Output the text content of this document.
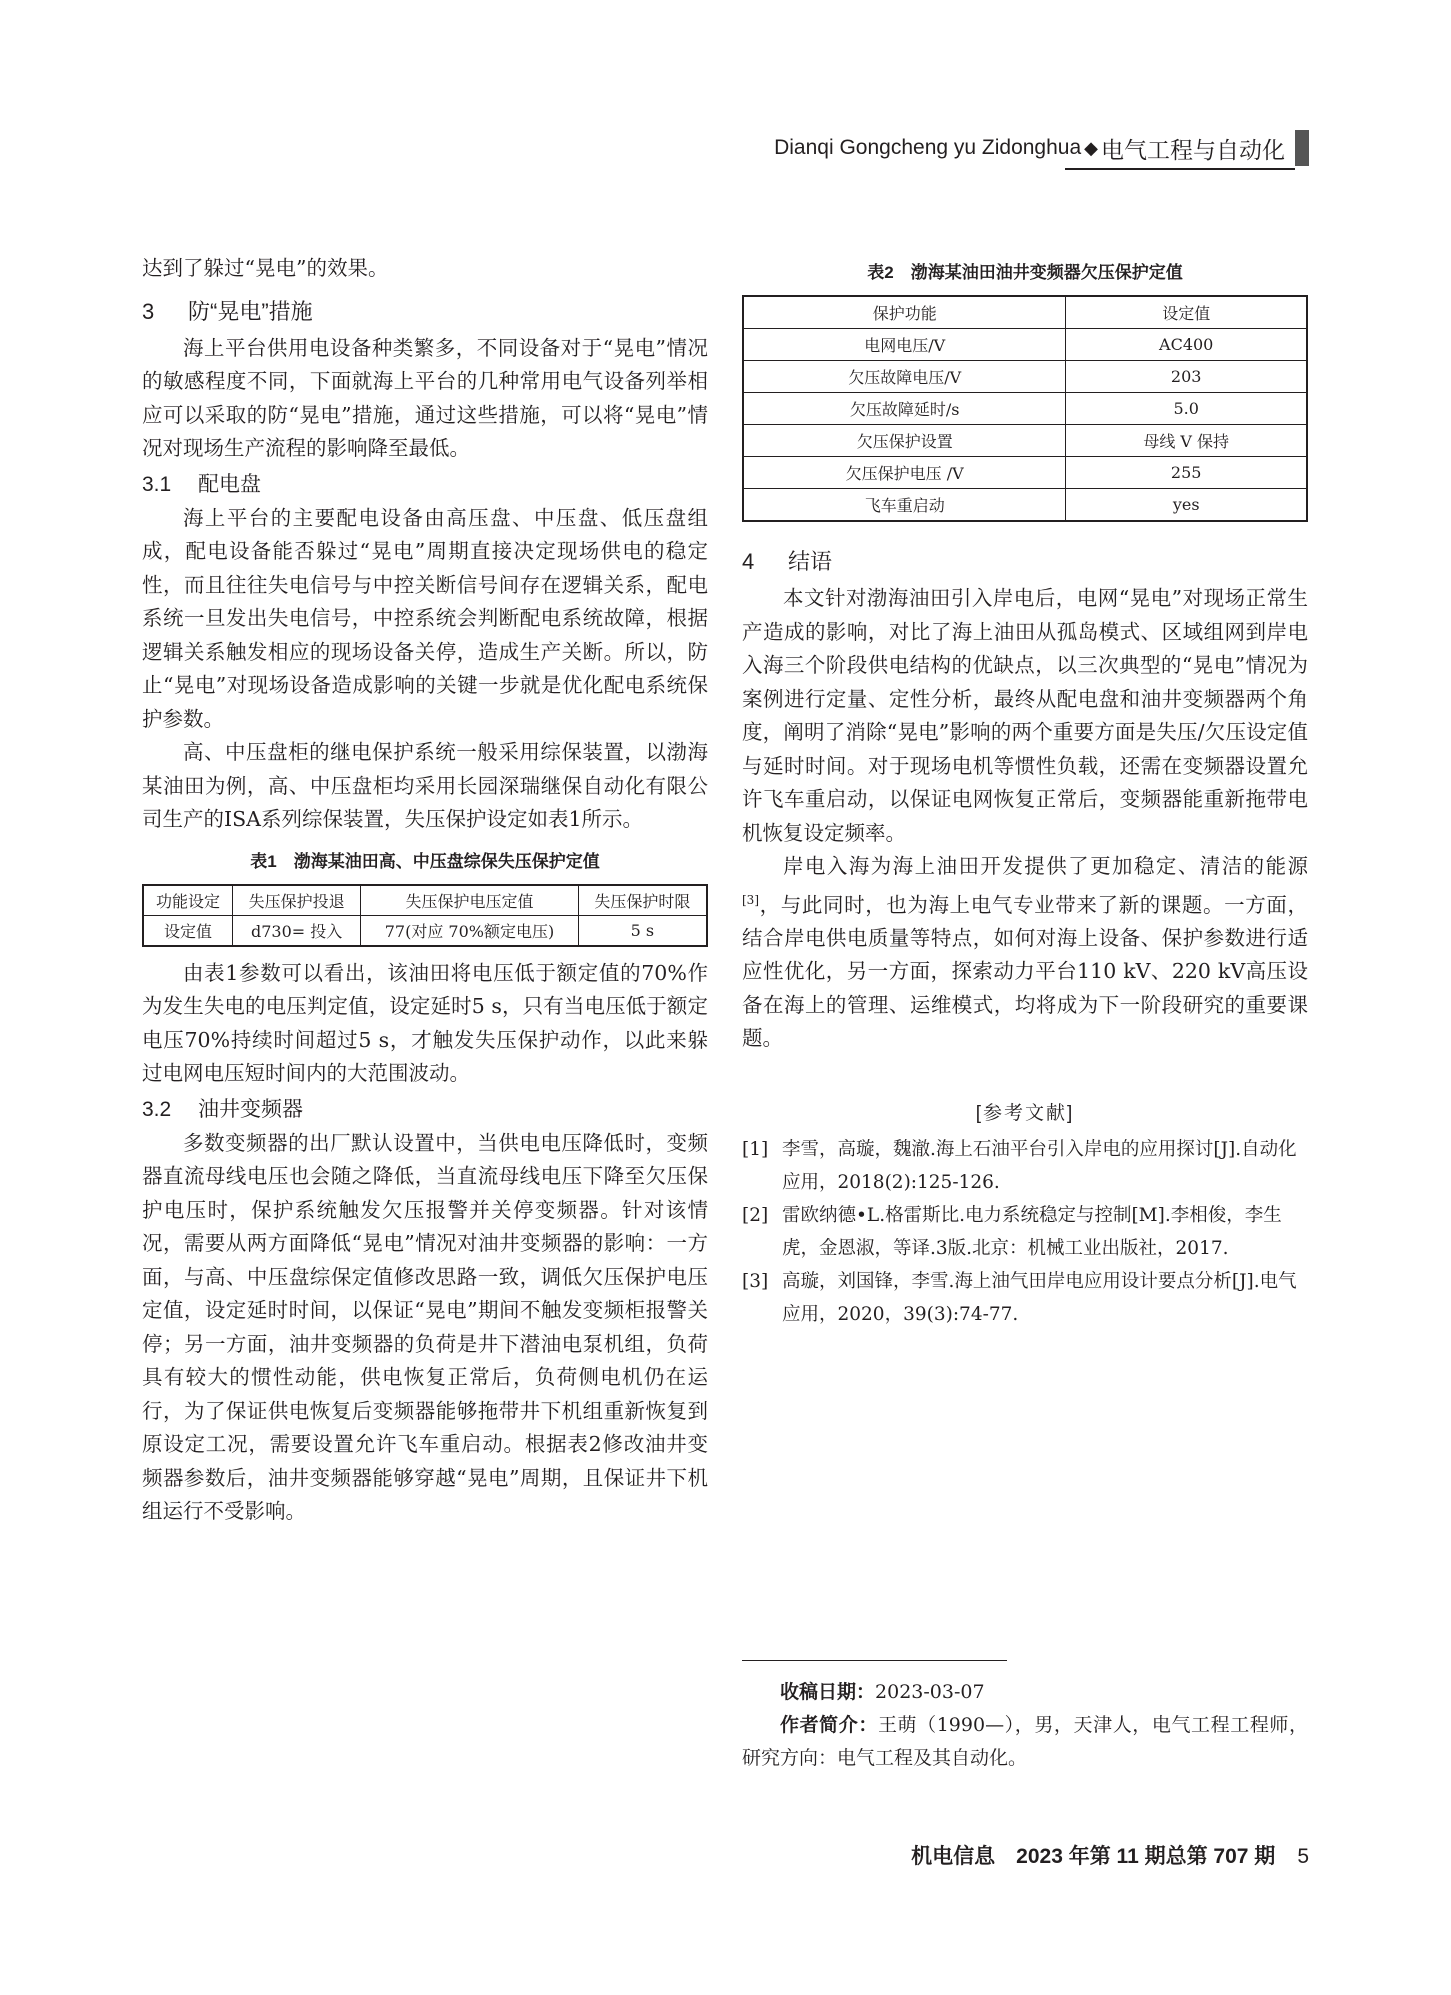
Dianqi Gongcheng yu Zidonghua ◆ 电气工程与自动化

达到了躲过“晃电”的效果。

3 防“晃电”措施

海上平台供用电设备种类繁多，不同设备对于“晃电”情况的敏感程度不同，下面就海上平台的几种常用电气设备列举相应可以采取的防“晃电”措施，通过这些措施，可以将“晃电”情况对现场生产流程的影响降至最低。

3.1 配电盘

海上平台的主要配电设备由高压盘、中压盘、低压盘组成，配电设备能否躲过“晃电”周期直接决定现场供电的稳定性，而且往往失电信号与中控关断信号间存在逻辑关系，配电系统一旦发出失电信号，中控系统会判断配电系统故障，根据逻辑关系触发相应的现场设备关停，造成生产关断。所以，防止“晃电”对现场设备造成影响的关键一步就是优化配电系统保护参数。

高、中压盘柜的继电保护系统一般采用综保装置，以渤海某油田为例，高、中压盘柜均采用长园深瑞继保自动化有限公司生产的ISA系列综保装置，失压保护设定如表1所示。

表1　渤海某油田高、中压盘综保失压保护定值
功能设定	失压保护投退	失压保护电压定值	失压保护时限
设定值	d730= 投入	77(对应 70%额定电压)	5 s

由表1参数可以看出，该油田将电压低于额定值的70%作为发生失电的电压判定值，设定延时5 s，只有当电压低于额定电压70%持续时间超过5 s，才触发失压保护动作，以此来躲过电网电压短时间内的大范围波动。

3.2 油井变频器

多数变频器的出厂默认设置中，当供电电压降低时，变频器直流母线电压也会随之降低，当直流母线电压下降至欠压保护电压时，保护系统触发欠压报警并关停变频器。针对该情况，需要从两方面降低“晃电”情况对油井变频器的影响：一方面，与高、中压盘综保定值修改思路一致，调低欠压保护电压定值，设定延时时间，以保证“晃电”期间不触发变频柜报警关停；另一方面，油井变频器的负荷是井下潜油电泵机组，负荷具有较大的惯性动能，供电恢复正常后，负荷侧电机仍在运行，为了保证供电恢复后变频器能够拖带井下机组重新恢复到原设定工况，需要设置允许飞车重启动。根据表2修改油井变频器参数后，油井变频器能够穿越“晃电”周期，且保证井下机组运行不受影响。

表2　渤海某油田油井变频器欠压保护定值
保护功能	设定值
电网电压/V	AC400
欠压故障电压/V	203
欠压故障延时/s	5.0
欠压保护设置	母线 V 保持
欠压保护电压 /V	255
飞车重启动	yes
4 结语

本文针对渤海油田引入岸电后，电网“晃电”对现场正常生产造成的影响，对比了海上油田从孤岛模式、区域组网到岸电入海三个阶段供电结构的优缺点，以三次典型的“晃电”情况为案例进行定量、定性分析，最终从配电盘和油井变频器两个角度，阐明了消除“晃电”影响的两个重要方面是失压/欠压设定值与延时时间。对于现场电机等惯性负载，还需在变频器设置允许飞车重启动，以保证电网恢复正常后，变频器能重新拖带电机恢复设定频率。

岸电入海为海上油田开发提供了更加稳定、清洁的能源[3]，与此同时，也为海上电气专业带来了新的课题。一方面，结合岸电供电质量等特点，如何对海上设备、保护参数进行适应性优化，另一方面，探索动力平台110 kV、220 kV高压设备在海上的管理、运维模式，均将成为下一阶段研究的重要课题。

[参考文献]
[1] 李雪，高璇，魏澈.海上石油平台引入岸电的应用探讨[J].自动化应用，2018(2):125-126.
[2] 雷欧纳德•L.格雷斯比.电力系统稳定与控制[M].李相俊，李生虎，金恩淑，等译.3版.北京：机械工业出版社，2017.
[3] 高璇，刘国锋，李雪.海上油气田岸电应用设计要点分析[J].电气应用，2020，39(3):74-77.

收稿日期：2023-03-07

作者简介：王萌（1990—），男，天津人，电气工程工程师，研究方向：电气工程及其自动化。

机电信息　2023 年第 11 期总第 707 期 5
